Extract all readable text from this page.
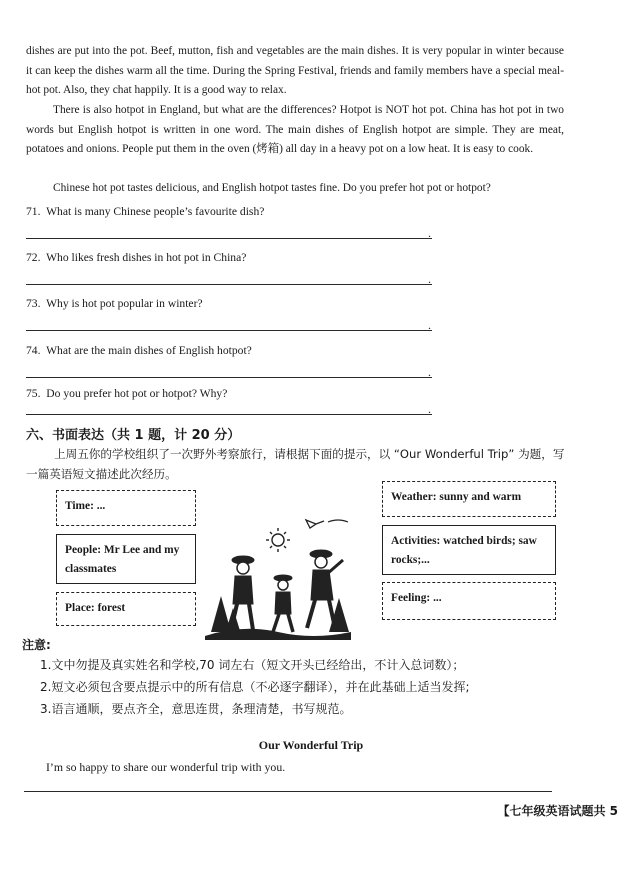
dishes are put into the pot. Beef, mutton, fish and vegetables are the main dishes. It is very popular in winter because it can keep the dishes warm all the time. During the Spring Festival, friends and family members have a special meal-hot pot. Also, they chat happily. It is a good way to relax.
There is also hotpot in England, but what are the differences? Hotpot is NOT hot pot. China has hot pot in two words but English hotpot is written in one word. The main dishes of English hotpot are simple. They are meat, potatoes and onions. People put them in the oven (烤箱) all day in a heavy pot on a low heat. It is easy to cook.
Chinese hot pot tastes delicious, and English hotpot tastes fine. Do you prefer hot pot or hotpot?
71. What is many Chinese people’s favourite dish?
.
72. Who likes fresh dishes in hot pot in China?
.
73. Why is hot pot popular in winter?
.
74. What are the main dishes of English hotpot?
.
75. Do you prefer hot pot or hotpot? Why?
.
六、书面表达（共 1 题，计 20 分）
上周五你的学校组织了一次野外考察旅行，请根据下面的提示，以 “Our Wonderful Trip” 为题，写一篇英语短文描述此次经历。
Time: ...
People: Mr Lee and my classmates
Place: forest
Weather: sunny and warm
Activities: watched birds; saw rocks;...
Feeling: ...
注意:
1.文中勿提及真实姓名和学校,70 词左右（短文开头已经给出，不计入总词数）；
2.短文必须包含要点提示中的所有信息（不必逐字翻译），并在此基础上适当发挥;
3.语言通顺，要点齐全，意思连贯，条理清楚，书写规范。
Our Wonderful Trip
I’m so happy to share our wonderful trip with you.
【七年级英语试题共 5
